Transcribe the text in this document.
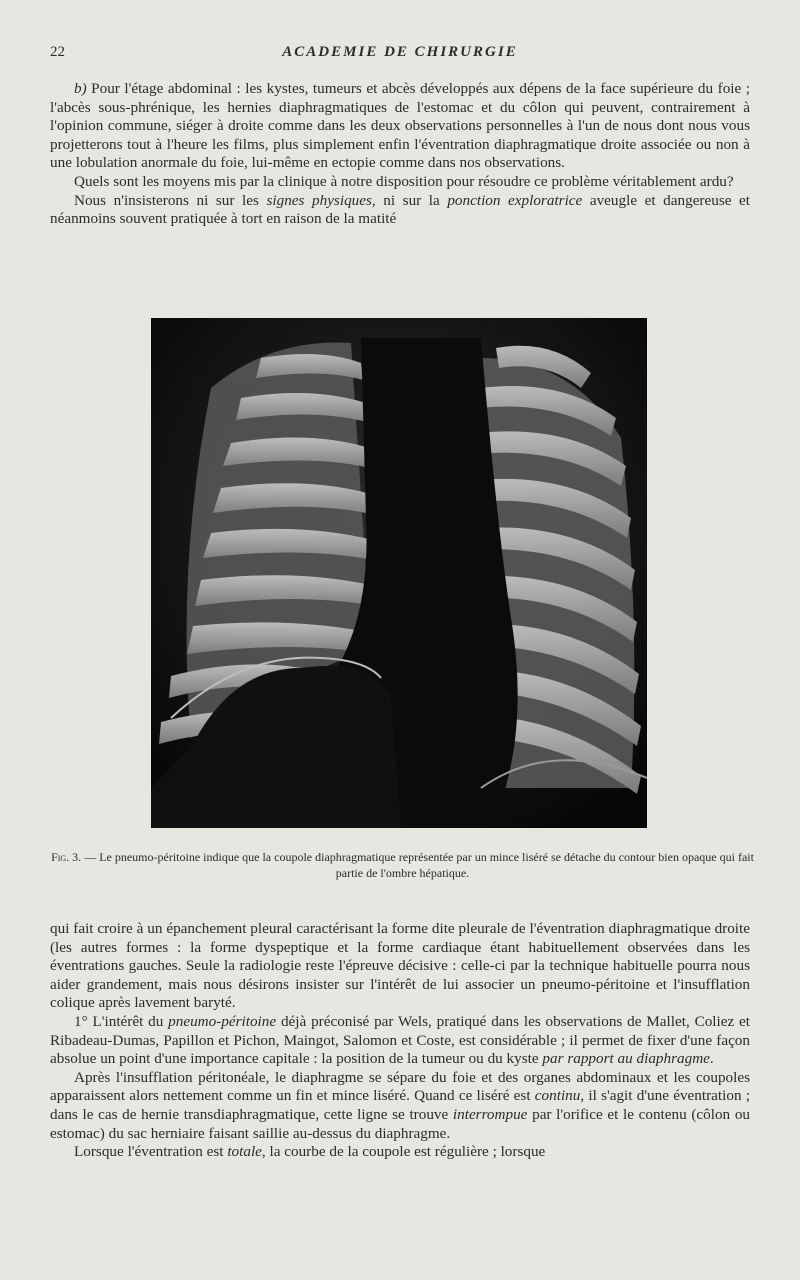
22	ACADEMIE DE CHIRURGIE

b) Pour l'étage abdominal : les kystes, tumeurs et abcès développés aux dépens de la face supérieure du foie ; l'abcès sous-phrénique, les hernies diaphragmatiques de l'estomac et du côlon qui peuvent, contrairement à l'opinion commune, siéger à droite comme dans les deux observations personnelles à l'un de nous dont nous vous projetterons tout à l'heure les films, plus simplement enfin l'éventration diaphragmatique droite associée ou non à une lobulation anormale du foie, lui-même en ectopie comme dans nos observations.

Quels sont les moyens mis par la clinique à notre disposition pour résoudre ce problème véritablement ardu?

Nous n'insisterons ni sur les signes physiques, ni sur la ponction exploratrice aveugle et dangereuse et néanmoins souvent pratiquée à tort en raison de la matité

Fig. 3. — Le pneumo-péritoine indique que la coupole diaphragmatique représentée par un mince liséré se détache du contour bien opaque qui fait partie de l'ombre hépatique.

qui fait croire à un épanchement pleural caractérisant la forme dite pleurale de l'éventration diaphragmatique droite (les autres formes : la forme dyspeptique et la forme cardiaque étant habituellement observées dans les éventrations gauches. Seule la radiologie reste l'épreuve décisive : celle-ci par la technique habituelle pourra nous aider grandement, mais nous désirons insister sur l'intérêt de lui associer un pneumo-péritoine et l'insufflation colique après lavement baryté.

1° L'intérêt du pneumo-péritoine déjà préconisé par Wels, pratiqué dans les observations de Mallet, Coliez et Ribadeau-Dumas, Papillon et Pichon, Maingot, Salomon et Coste, est considérable ; il permet de fixer d'une façon absolue un point d'une importance capitale : la position de la tumeur ou du kyste par rapport au diaphragme.

Après l'insufflation péritonéale, le diaphragme se sépare du foie et des organes abdominaux et les coupoles apparaissent alors nettement comme un fin et mince liséré. Quand ce liséré est continu, il s'agit d'une éventration ; dans le cas de hernie transdiaphragmatique, cette ligne se trouve interrompue par l'orifice et le contenu (côlon ou estomac) du sac herniaire faisant saillie au-dessus du diaphragme.

Lorsque l'éventration est totale, la courbe de la coupole est régulière ; lorsque
